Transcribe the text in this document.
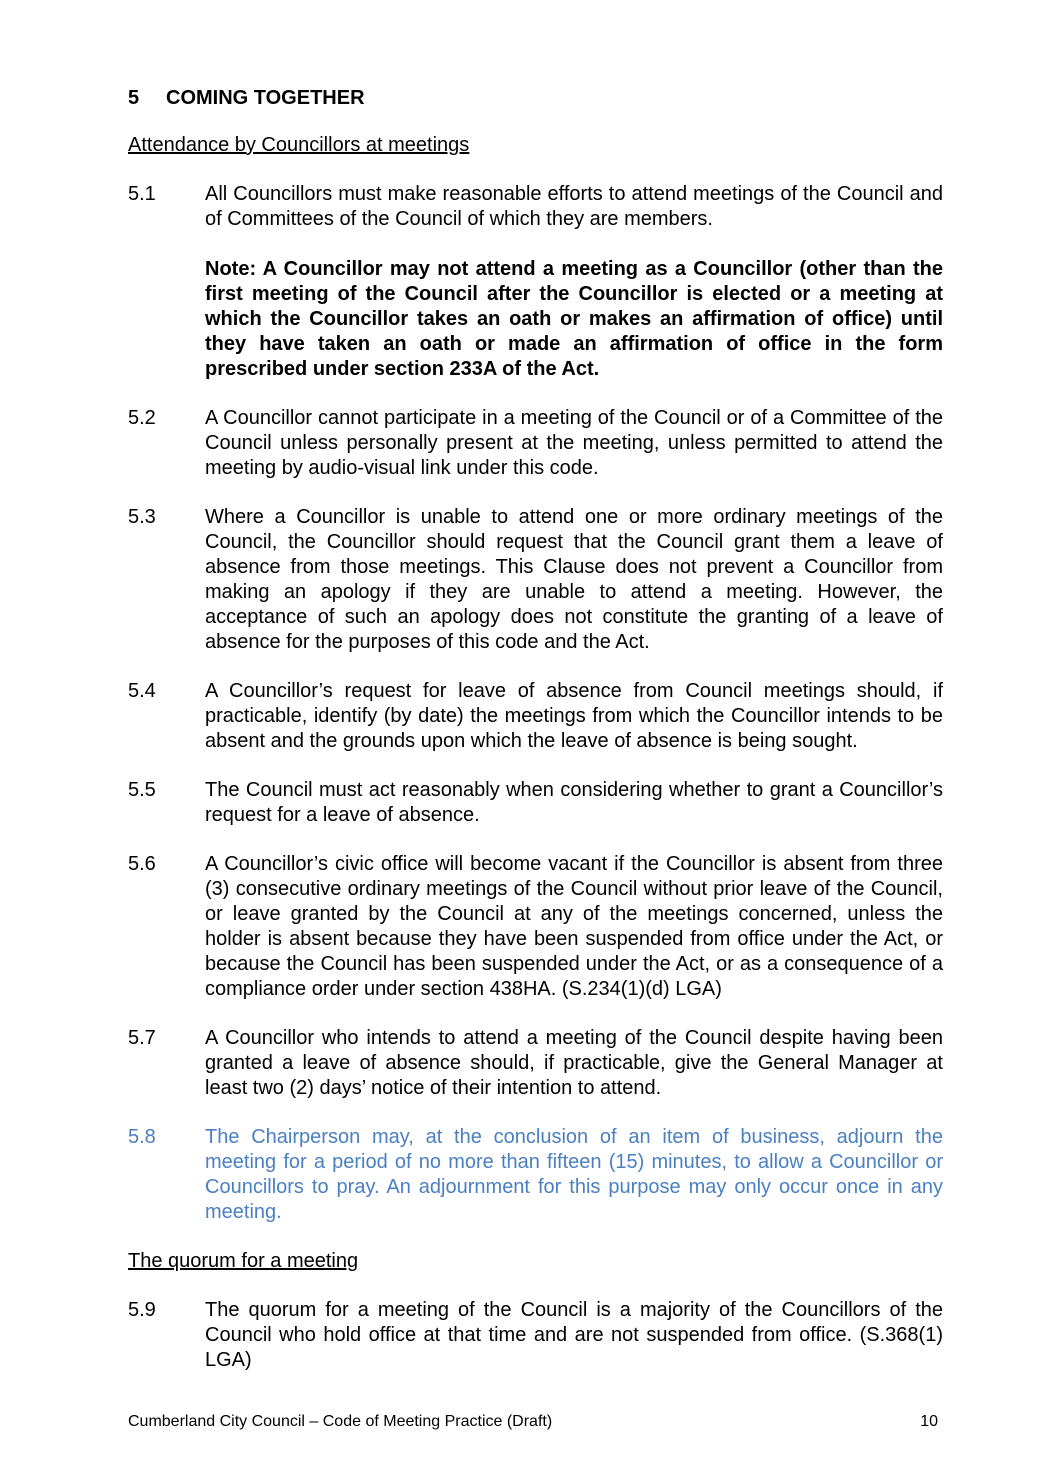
5	COMING TOGETHER
Attendance by Councillors at meetings
5.1	All Councillors must make reasonable efforts to attend meetings of the Council and of Committees of the Council of which they are members.

Note: A Councillor may not attend a meeting as a Councillor (other than the first meeting of the Council after the Councillor is elected or a meeting at which the Councillor takes an oath or makes an affirmation of office) until they have taken an oath or made an affirmation of office in the form prescribed under section 233A of the Act.

5.2	A Councillor cannot participate in a meeting of the Council or of a Committee of the Council unless personally present at the meeting, unless permitted to attend the meeting by audio-visual link under this code.
5.3	Where a Councillor is unable to attend one or more ordinary meetings of the Council, the Councillor should request that the Council grant them a leave of absence from those meetings. This Clause does not prevent a Councillor from making an apology if they are unable to attend a meeting. However, the acceptance of such an apology does not constitute the granting of a leave of absence for the purposes of this code and the Act.
5.4	A Councillor’s request for leave of absence from Council meetings should, if practicable, identify (by date) the meetings from which the Councillor intends to be absent and the grounds upon which the leave of absence is being sought.
5.5	The Council must act reasonably when considering whether to grant a Councillor’s request for a leave of absence.
5.6	A Councillor’s civic office will become vacant if the Councillor is absent from three (3) consecutive ordinary meetings of the Council without prior leave of the Council, or leave granted by the Council at any of the meetings concerned, unless the holder is absent because they have been suspended from office under the Act, or because the Council has been suspended under the Act, or as a consequence of a compliance order under section 438HA. (S.234(1)(d) LGA)
5.7	A Councillor who intends to attend a meeting of the Council despite having been granted a leave of absence should, if practicable, give the General Manager at least two (2) days’ notice of their intention to attend.
5.8	The Chairperson may, at the conclusion of an item of business, adjourn the meeting for a period of no more than fifteen (15) minutes, to allow a Councillor or Councillors to pray. An adjournment for this purpose may only occur once in any meeting.
The quorum for a meeting
5.9	The quorum for a meeting of the Council is a majority of the Councillors of the Council who hold office at that time and are not suspended from office. (S.368(1) LGA)
Cumberland City Council – Code of Meeting Practice (Draft)	10
